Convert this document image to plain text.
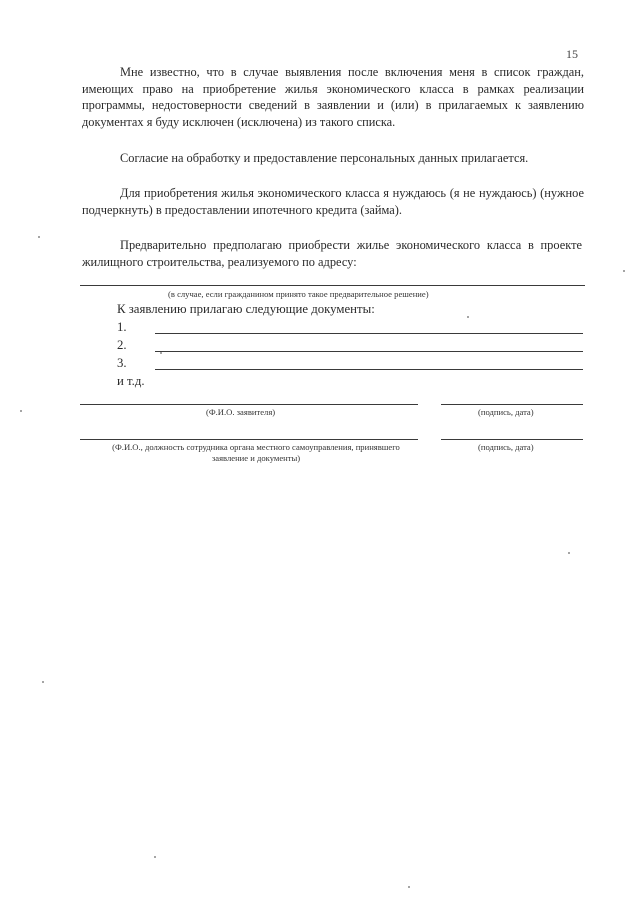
15
Мне известно, что в случае выявления после включения меня в список граждан, имеющих право на приобретение жилья экономического класса в рамках реализации программы, недостоверности сведений в заявлении и (или) в прилагаемых к заявлению документах я буду исключен (исключена) из такого списка.
Согласие на обработку и предоставление персональных данных прилагается.
Для приобретения жилья экономического класса я нуждаюсь (я не нуждаюсь) (нужное подчеркнуть) в предоставлении ипотечного кредита (займа).
Предварительно предполагаю приобрести жилье экономического класса в проекте жилищного строительства, реализуемого по адресу:
(в случае, если гражданином принято такое предварительное решение)
К заявлению прилагаю следующие документы:
1.
2.
3.
и т.д.
(Ф.И.О. заявителя)	(подпись, дата)
(Ф.И.О., должность сотрудника органа местного самоуправления, принявшего заявление и документы)
(подпись, дата)
